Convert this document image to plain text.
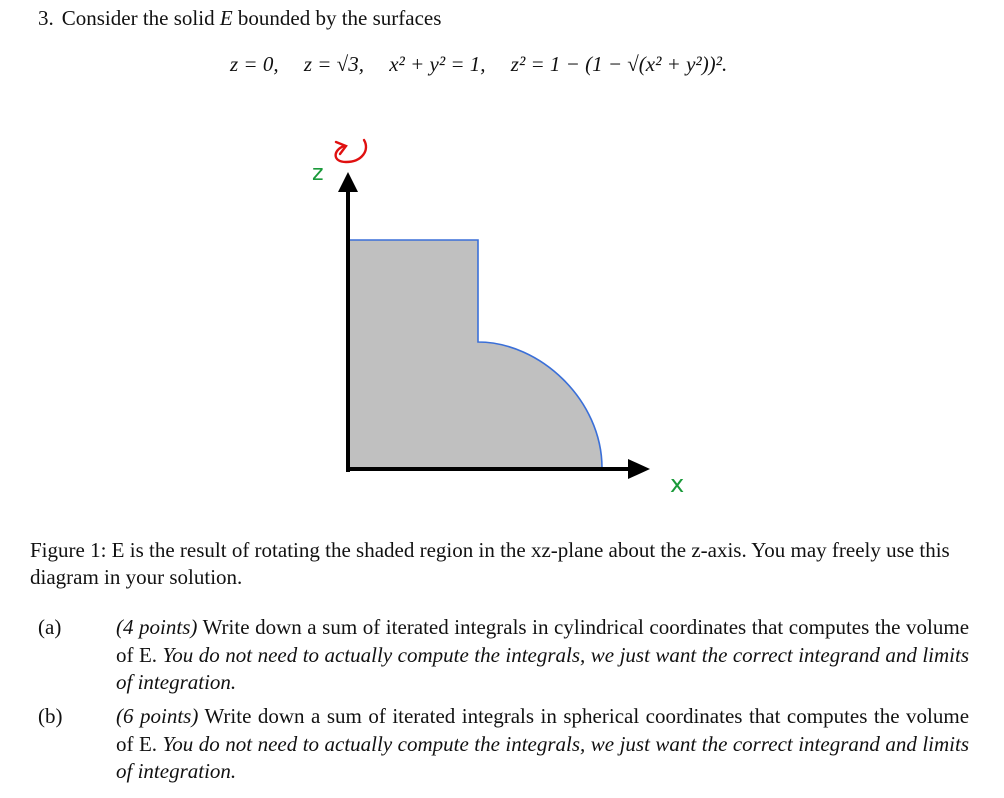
3. Consider the solid E bounded by the surfaces
z = 0, z = √3, x² + y² = 1, z² = 1 − (1 − √(x² + y²))².
z
x
Figure 1: E is the result of rotating the shaded region in the xz-plane about the z-axis. You may freely use this diagram in your solution.
(a)	(4 points) Write down a sum of iterated integrals in cylindrical coordinates that computes the volume of E. You do not need to actually compute the integrals, we just want the correct integrand and limits of integration.
(b)	(6 points) Write down a sum of iterated integrals in spherical coordinates that computes the volume of E. You do not need to actually compute the integrals, we just want the correct integrand and limits of integration.
